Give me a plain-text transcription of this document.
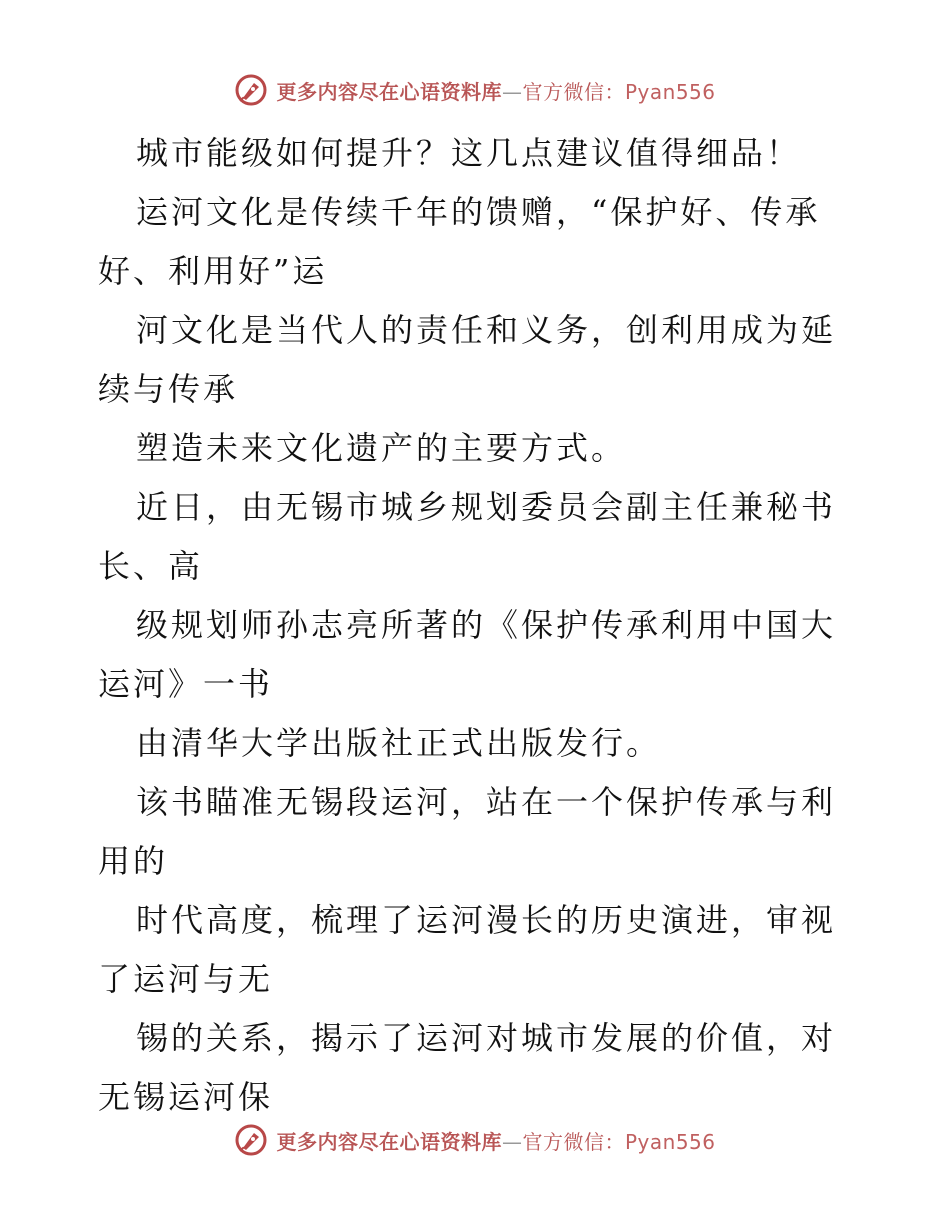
更多内容尽在心语资料库—官方微信：Pyan556

城市能级如何提升？这几点建议值得细品！

运河文化是传续千年的馈赠，“保护好、传承好、利用好”运

河文化是当代人的责任和义务，创利用成为延续与传承

塑造未来文化遗产的主要方式。

近日，由无锡市城乡规划委员会副主任兼秘书长、高

级规划师孙志亮所著的《保护传承利用中国大运河》一书

由清华大学出版社正式出版发行。

该书瞄准无锡段运河，站在一个保护传承与利用的

时代高度，梳理了运河漫长的历史演进，审视了运河与无

锡的关系，揭示了运河对城市发展的价值，对无锡运河保

更多内容尽在心语资料库—官方微信：Pyan556
